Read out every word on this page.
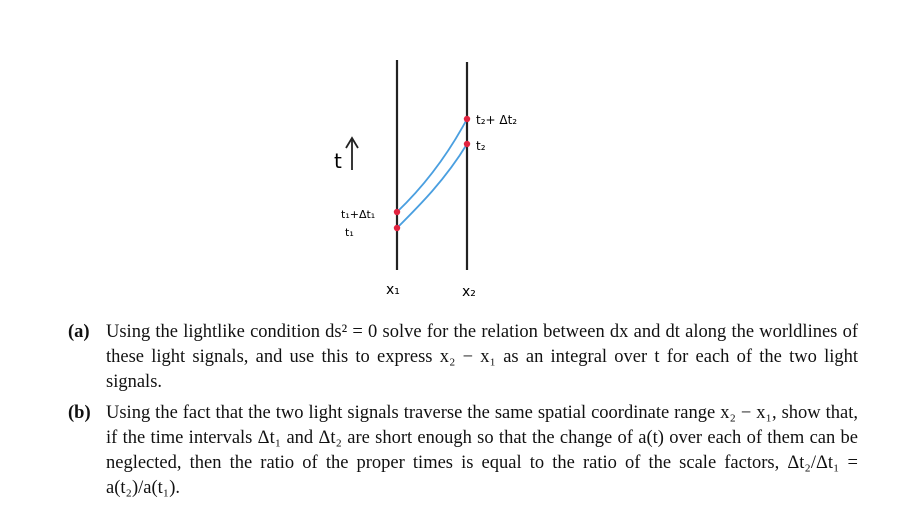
t
t₂+ Δt₂
t₂
t₁+Δt₁
t₁
x₁	x₂
(a) Using the lightlike condition ds² = 0 solve for the relation between dx and dt along the worldlines of these light signals, and use this to express x₂ − x₁ as an integral over t for each of the two light signals.
(b) Using the fact that the two light signals traverse the same spatial coordinate range x₂ − x₁, show that, if the time intervals Δt₁ and Δt₂ are short enough so that the change of a(t) over each of them can be neglected, then the ratio of the proper times is equal to the ratio of the scale factors, Δt₂/Δt₁ = a(t₂)/a(t₁).
